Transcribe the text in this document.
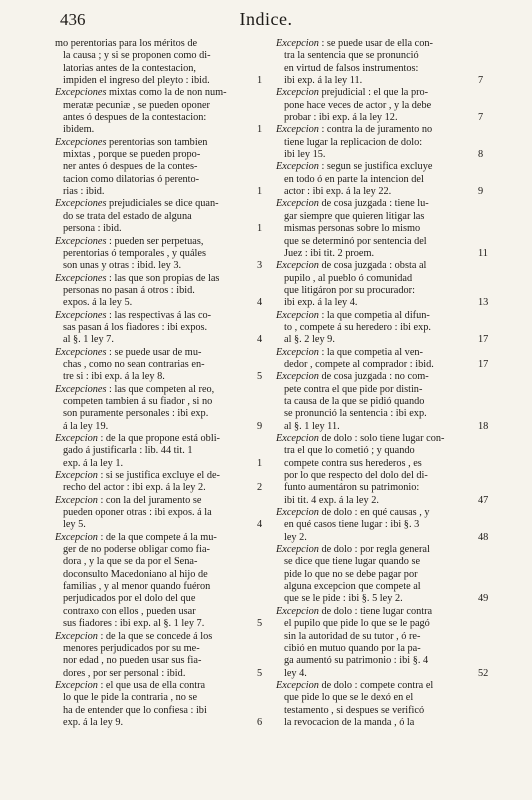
436	Indice.
mo perentorias para los méritos de
la causa ; y si se proponen como di-
latorias antes de la contestacion,
impiden el ingreso del pleyto : ibid.	1
Excepciones mixtas como la de non num-
meratæ pecuniæ , se pueden oponer
antes ó despues de la contestacion:
ibidem.	1
Excepciones perentorias son tambien
mixtas , porque se pueden propo-
ner antes ó despues de la contes-
tacion como dilatorias ó perento-
rias : ibid.	1
Excepciones prejudiciales se dice quan-
do se trata del estado de alguna
persona : ibid.	1
Excepciones : pueden ser perpetuas,
perentorias ó temporales , y quáles
son unas y otras : ibid. ley 3.	3
Excepciones : las que son propias de las
personas no pasan á otros : ibid.
expos. á la ley 5.	4
Excepciones : las respectivas á las co-
sas pasan á los fiadores : ibi expos.
al §. 1 ley 7.	4
Excepciones : se puede usar de mu-
chas , como no sean contrarias en-
tre si : ibi exp. á la ley 8.	5
Excepciones : las que competen al reo,
competen tambien á su fiador , si no
son puramente personales : ibi exp.
á la ley 19.	9
Excepcion : de la que propone está obli-
gado á justificarla : lib. 44 tit. 1
exp. á la ley 1.	1
Excepcion : si se justifica excluye el de-
recho del actor : ibi exp. á la ley 2.	2
Excepcion : con la del juramento se
pueden oponer otras : ibi expos. á la
ley 5.	4
Excepcion : de la que compete á la mu-
ger de no poderse obligar como fia-
dora , y la que se da por el Sena-
doconsulto Macedoniano al hijo de
familias , y al menor quando fuéron
perjudicados por el dolo del que
contraxo con ellos , pueden usar
sus fiadores : ibi exp. al §. 1 ley 7.	5
Excepcion : de la que se concede á los
menores perjudicados por su me-
nor edad , no pueden usar sus fia-
dores , por ser personal : ibid.	5
Excepcion : el que usa de ella contra
lo que le pide la contraria , no se
ha de entender que lo confiesa : ibi
exp. á la ley 9.	6
Excepcion : se puede usar de ella con-
tra la sentencia que se pronunció
en virtud de falsos instrumentos:
ibi exp. á la ley 11.	7
Excepcion prejudicial : el que la pro-
pone hace veces de actor , y la debe
probar : ibi exp. á la ley 12.	7
Excepcion : contra la de juramento no
tiene lugar la replicacion de dolo:
ibi ley 15.	8
Excepcion : segun se justifica excluye
en todo ó en parte la intencion del
actor : ibi exp. á la ley 22.	9
Excepcion de cosa juzgada : tiene lu-
gar siempre que quieren litigar las
mismas personas sobre lo mismo
que se determinó por sentencia del
Juez : ibi tit. 2 proem.	11
Excepcion de cosa juzgada : obsta al
pupilo , al pueblo ó comunidad
que litigáron por su procurador:
ibi exp. á la ley 4.	13
Excepcion : la que competia al difun-
to , compete á su heredero : ibi exp.
al §. 2 ley 9.	17
Excepcion : la que competia al ven-
dedor , compete al comprador : ibid.	17
Excepcion de cosa juzgada : no com-
pete contra el que pide por distin-
ta causa de la que se pidió quando
se pronunció la sentencia : ibi exp.
al §. 1 ley 11.	18
Excepcion de dolo : solo tiene lugar con-
tra el que lo cometió ; y quando
compete contra sus herederos , es
por lo que respecto del dolo del di-
funto aumentáron su patrimonio:
ibi tit. 4 exp. á la ley 2.	47
Excepcion de dolo : en qué causas , y
en qué casos tiene lugar : ibi §. 3
ley 2.	48
Excepcion de dolo : por regla general
se dice que tiene lugar quando se
pide lo que no se debe pagar por
alguna excepcion que compete al
que se le pide : ibi §. 5 ley 2.	49
Excepcion de dolo : tiene lugar contra
el pupilo que pide lo que se le pagó
sin la autoridad de su tutor , ó re-
cibió en mutuo quando por la pa-
ga aumentó su patrimonio : ibi §. 4
ley 4.	52
Excepcion de dolo : compete contra el
que pide lo que se le dexó en el
testamento , si despues se verificó
la revocacion de la manda , ó la
